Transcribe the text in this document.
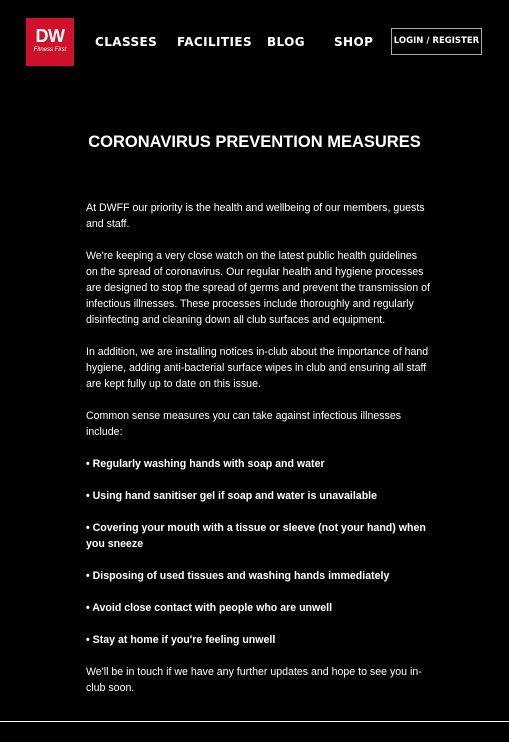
DW
Fitness First
CLASSES FACILITIES BLOG SHOP	LOGIN / REGISTER
CORONAVIRUS PREVENTION MEASURES

At DWFF our priority is the health and wellbeing of our members, guests and staff.

We're keeping a very close watch on the latest public health guidelines on the spread of coronavirus. Our regular health and hygiene processes are designed to stop the spread of germs and prevent the transmission of infectious illnesses. These processes include thoroughly and regularly disinfecting and cleaning down all club surfaces and equipment.

In addition, we are installing notices in-club about the importance of hand hygiene, adding anti-bacterial surface wipes in club and ensuring all staff are kept fully up to date on this issue.

Common sense measures you can take against infectious illnesses include:

• Regularly washing hands with soap and water

• Using hand sanitiser gel if soap and water is unavailable

• Covering your mouth with a tissue or sleeve (not your hand) when you sneeze

• Disposing of used tissues and washing hands immediately

• Avoid close contact with people who are unwell

• Stay at home if you're feeling unwell

We'll be in touch if we have any further updates and hope to see you in-club soon.
